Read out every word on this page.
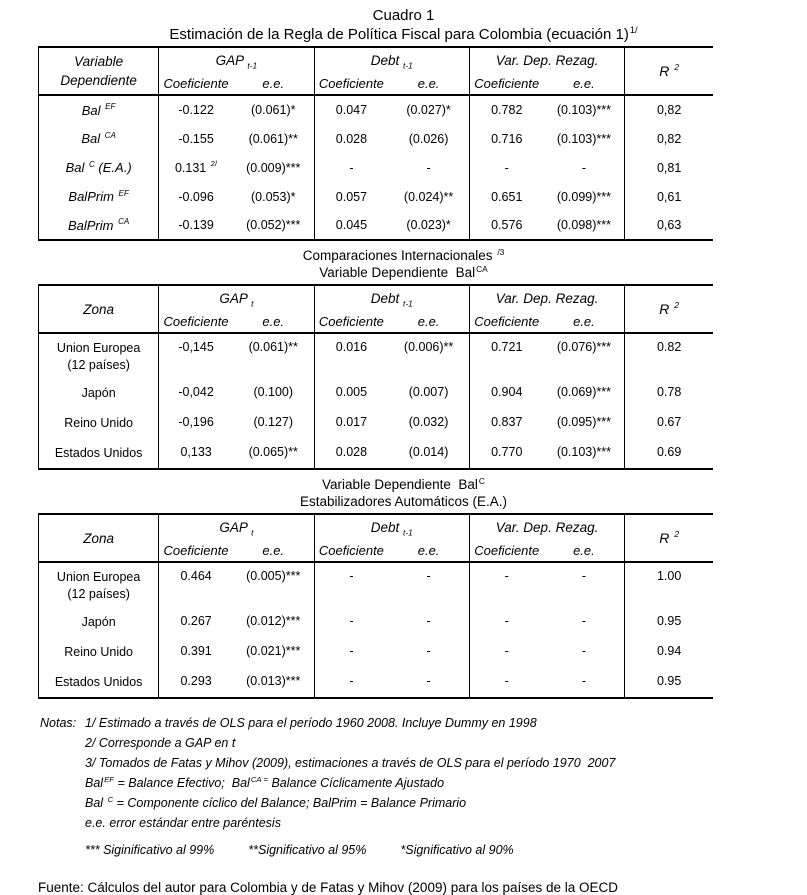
Cuadro 1
Estimación de la Regla de Política Fiscal para Colombia (ecuación 1)$^{1/}$
Variable
Dependiente	GAP $_{t-1}$		Debt $_{t-1}$		Var. Dep. Rezag.		R $^2$
	Coeficiente	e.e.	Coeficiente	e.e.	Coeficiente	e.e.	

Bal $^{EF}$	-0.122	(0.061)*	0.047	(0.027)*	0.782	(0.103)***	0,82

Bal $^{CA}$	-0.155	(0.061)**	0.028	(0.026)	0.716	(0.103)***	0,82

Bal $^C$ (E.A.)	0.131 $^{2/}$	(0.009)***	-	-	-	-	0,81

BalPrim $^{EF}$	-0.096	(0.053)*	0.057	(0.024)**	0.651	(0.099)***	0,61

BalPrim $^{CA}$	-0.139	(0.052)***	0.045	(0.023)*	0.576	(0.098)***	0,63
Comparaciones Internacionales $^{/3}$
Variable Dependiente  Bal$^{CA}$
Zona	GAP $_t$		Debt $_{t-1}$		Var. Dep. Rezag.		R $^2$
	Coeficiente	e.e.	Coeficiente	e.e.	Coeficiente	e.e.	

Union Europea
(12 países)	-0,145	(0.061)**	0.016	(0.006)**	0.721	(0.076)***	0.82

Japón	-0,042	(0.100)	0.005	(0.007)	0.904	(0.069)***	0.78

Reino Unido	-0,196	(0.127)	0.017	(0.032)	0.837	(0.095)***	0.67

Estados Unidos	0,133	(0.065)**	0.028	(0.014)	0.770	(0.103)***	0.69
Variable Dependiente  Bal$^C$
Estabilizadores Automáticos (E.A.)
Zona	GAP $_t$		Debt $_{t-1}$		Var. Dep. Rezag.		R $^2$
	Coeficiente	e.e.	Coeficiente	e.e.	Coeficiente	e.e.	

Union Europea
(12 países)	0.464	(0.005)***	-	-	-	-	1.00

Japón	0.267	(0.012)***	-	-	-	-	0.95

Reino Unido	0.391	(0.021)***	-	-	-	-	0.94

Estados Unidos	0.293	(0.013)***	-	-	-	-	0.95
Notas: 1/ Estimado a través de OLS para el período 1960 2008. Incluye Dummy en 1998
2/ Corresponde a GAP en t
3/ Tomados de Fatas y Mihov (2009), estimaciones a través de OLS para el período 1970  2007
Bal$^{EF}$ = Balance Efectivo;  Bal$^{CA =}$ Balance Cíclicamente Ajustado
Bal $^C$ = Componente cíclico del Balance; BalPrim = Balance Primario
e.e. error estándar entre paréntesis
*** Siginificativo al 99%	**Significativo al 95%	*Significativo al 90%
Fuente: Cálculos del autor para Colombia y de Fatas y Mihov (2009) para los países de la OECD
